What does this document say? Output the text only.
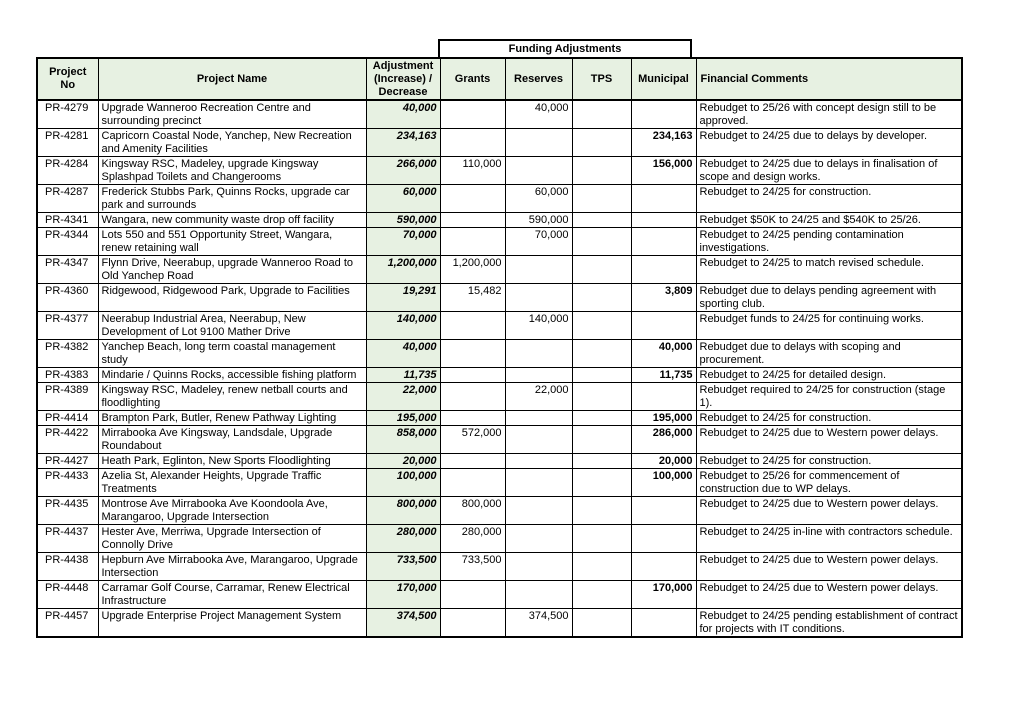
Funding Adjustments
Project No	Project Name	Adjustment (Increase) / Decrease	Grants	Reserves	TPS	Municipal	Financial Comments
PR-4279	Upgrade Wanneroo Recreation Centre and surrounding precinct	40,000		40,000			Rebudget to 25/26 with concept design still to be approved.
PR-4281	Capricorn Coastal Node, Yanchep, New Recreation and Amenity Facilities	234,163				234,163	Rebudget to 24/25 due to delays by developer.
PR-4284	Kingsway RSC, Madeley, upgrade Kingsway Splashpad Toilets and Changerooms	266,000	110,000			156,000	Rebudget to 24/25 due to delays in finalisation of scope and design works.
PR-4287	Frederick Stubbs Park, Quinns Rocks, upgrade car park and surrounds	60,000		60,000			Rebudget to 24/25 for construction.
PR-4341	Wangara, new community waste drop off facility	590,000		590,000			Rebudget $50K to 24/25 and $540K to 25/26.
PR-4344	Lots 550 and 551 Opportunity Street, Wangara, renew retaining wall	70,000		70,000			Rebudget to 24/25 pending contamination investigations.
PR-4347	Flynn Drive, Neerabup, upgrade Wanneroo Road to Old Yanchep Road	1,200,000	1,200,000				Rebudget to 24/25 to match revised schedule.
PR-4360	Ridgewood, Ridgewood Park, Upgrade to Facilities	19,291	15,482			3,809	Rebudget due to delays pending agreement with sporting club.
PR-4377	Neerabup Industrial Area, Neerabup, New Development of Lot 9100 Mather Drive	140,000		140,000			Rebudget funds to 24/25 for continuing works.
PR-4382	Yanchep Beach, long term coastal management study	40,000				40,000	Rebudget due to delays with scoping and procurement.
PR-4383	Mindarie / Quinns Rocks, accessible fishing platform	11,735				11,735	Rebudget to 24/25 for detailed design.
PR-4389	Kingsway RSC, Madeley, renew netball courts and floodlighting	22,000		22,000			Rebudget required to 24/25 for construction (stage 1).
PR-4414	Brampton Park, Butler, Renew Pathway Lighting	195,000				195,000	Rebudget to 24/25 for construction.
PR-4422	Mirrabooka Ave Kingsway, Landsdale, Upgrade Roundabout	858,000	572,000			286,000	Rebudget to 24/25 due to Western power delays.
PR-4427	Heath Park, Eglinton, New Sports Floodlighting	20,000				20,000	Rebudget to 24/25 for construction.
PR-4433	Azelia St, Alexander Heights, Upgrade Traffic Treatments	100,000				100,000	Rebudget to 25/26 for commencement of construction due to WP delays.
PR-4435	Montrose Ave Mirrabooka Ave Koondoola Ave, Marangaroo, Upgrade Intersection	800,000	800,000				Rebudget to 24/25 due to Western power delays.
PR-4437	Hester Ave, Merriwa, Upgrade Intersection of Connolly Drive	280,000	280,000				Rebudget to 24/25 in-line with contractors schedule.
PR-4438	Hepburn Ave Mirrabooka Ave, Marangaroo, Upgrade Intersection	733,500	733,500				Rebudget to 24/25 due to Western power delays.
PR-4448	Carramar Golf Course, Carramar, Renew Electrical Infrastructure	170,000				170,000	Rebudget to 24/25 due to Western power delays.
PR-4457	Upgrade Enterprise Project Management System	374,500		374,500			Rebudget to 24/25 pending establishment of contract for projects with IT conditions.
